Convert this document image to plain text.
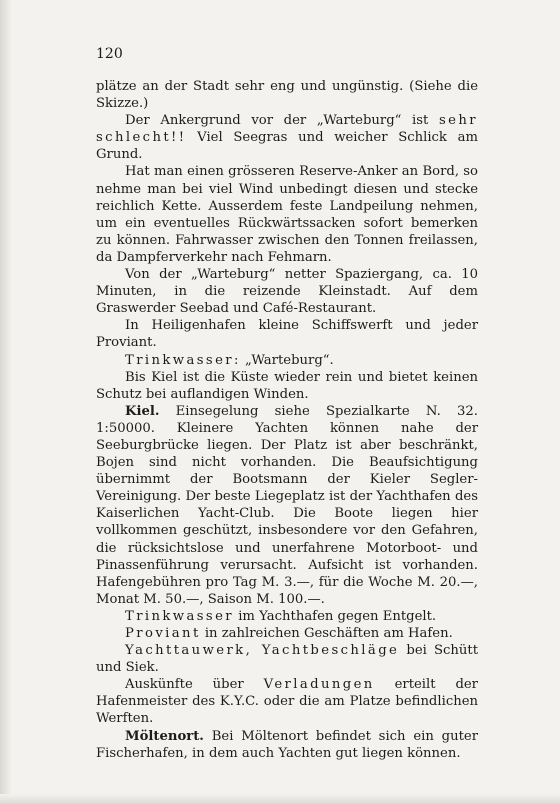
120

plätze an der Stadt sehr eng und ungünstig. (Siehe die Skizze.)

Der Ankergrund vor der „Warteburg“ ist sehr schlecht!! Viel Seegras und weicher Schlick am Grund.

Hat man einen grösseren Reserve-Anker an Bord, so nehme man bei viel Wind unbedingt diesen und stecke reichlich Kette. Ausserdem feste Landpeilung nehmen, um ein eventuelles Rückwärtssacken sofort bemerken zu können. Fahrwasser zwischen den Tonnen freilassen, da Dampferverkehr nach Fehmarn.

Von der „Warteburg“ netter Spaziergang, ca. 10 Minuten, in die reizende Kleinstadt. Auf dem Graswerder Seebad und Café-Restaurant.

In Heiligenhafen kleine Schiffswerft und jeder Proviant.

Trinkwasser: „Warteburg“.

Bis Kiel ist die Küste wieder rein und bietet keinen Schutz bei auflandigen Winden.

Kiel. Einsegelung siehe Spezialkarte N. 32. 1:50000. Kleinere Yachten können nahe der Seeburgbrücke liegen. Der Platz ist aber beschränkt, Bojen sind nicht vorhanden. Die Beaufsichtigung übernimmt der Bootsmann der Kieler Segler-Vereinigung. Der beste Liegeplatz ist der Yachthafen des Kaiserlichen Yacht-Club. Die Boote liegen hier vollkommen geschützt, insbesondere vor den Gefahren, die rücksichtslose und unerfahrene Motorboot- und Pinassenführung verursacht. Aufsicht ist vorhanden. Hafengebühren pro Tag M. 3.—, für die Woche M. 20.—, Monat M. 50.—, Saison M. 100.—.

Trinkwasser im Yachthafen gegen Entgelt.

Proviant in zahlreichen Geschäften am Hafen.

Yachttauwerk, Yachtbeschläge bei Schütt und Siek.

Auskünfte über Verladungen erteilt der Hafenmeister des K.Y.C. oder die am Platze befindlichen Werften.

Möltenort. Bei Möltenort befindet sich ein guter Fischerhafen, in dem auch Yachten gut liegen können.
